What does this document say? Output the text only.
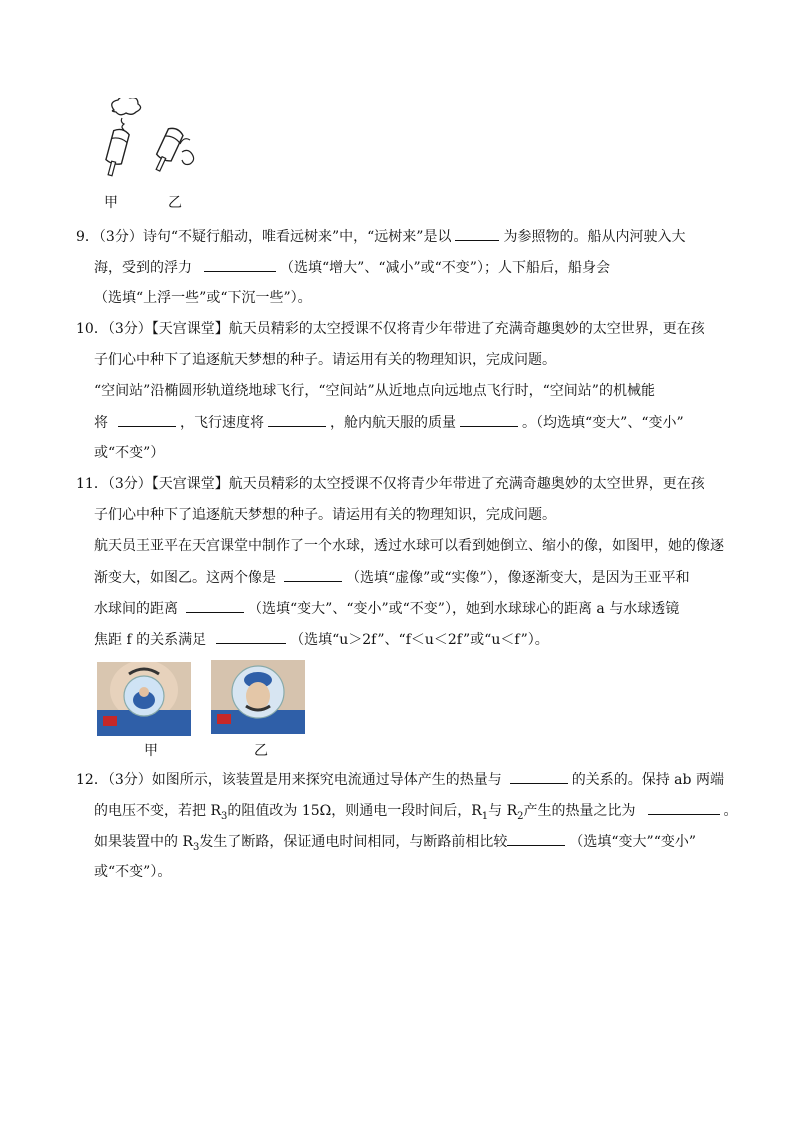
甲	乙
9．（3分）诗句“不疑行船动，唯看远树来”中，“远树来”是以	为参照物的。船从内河驶入大
海，受到的浮力	（选填“增大”、“减小”或“不变”）；人下船后，船身会
（选填“上浮一些”或“下沉一些”）。
10．（3分）【天宫课堂】航天员精彩的太空授课不仅将青少年带进了充满奇趣奥妙的太空世界，更在孩
子们心中种下了追逐航天梦想的种子。请运用有关的物理知识，完成问题。
“空间站”沿椭圆形轨道绕地球飞行，“空间站”从近地点向远地点飞行时，“空间站”的机械能
将	，飞行速度将	，舱内航天服的质量	。（均选填“变大”、“变小”
或“不变”）
11．（3分）【天宫课堂】航天员精彩的太空授课不仅将青少年带进了充满奇趣奥妙的太空世界，更在孩
子们心中种下了追逐航天梦想的种子。请运用有关的物理知识，完成问题。
航天员王亚平在天宫课堂中制作了一个水球，透过水球可以看到她倒立、缩小的像，如图甲，她的像逐
渐变大，如图乙。这两个像是	（选填“虚像”或“实像”），像逐渐变大，是因为王亚平和
水球间的距离	（选填“变大”、“变小”或“不变”），她到水球球心的距离 a 与水球透镜
焦距 f 的关系满足	（选填“u＞2f”、“f＜u＜2f”或“u＜f”）。
甲	乙
12．（3分）如图所示，该装置是用来探究电流通过导体产生的热量与	的关系的。保持 ab 两端
的电压不变，若把 $R_3$的阻值改为 15Ω，则通电一段时间后，$R_1$与 $R_2$产生的热量之比为	。
如果装置中的 $R_3$发生了断路，保证通电时间相同，与断路前相比较	（选填“变大”“变小”
或“不变”）。
